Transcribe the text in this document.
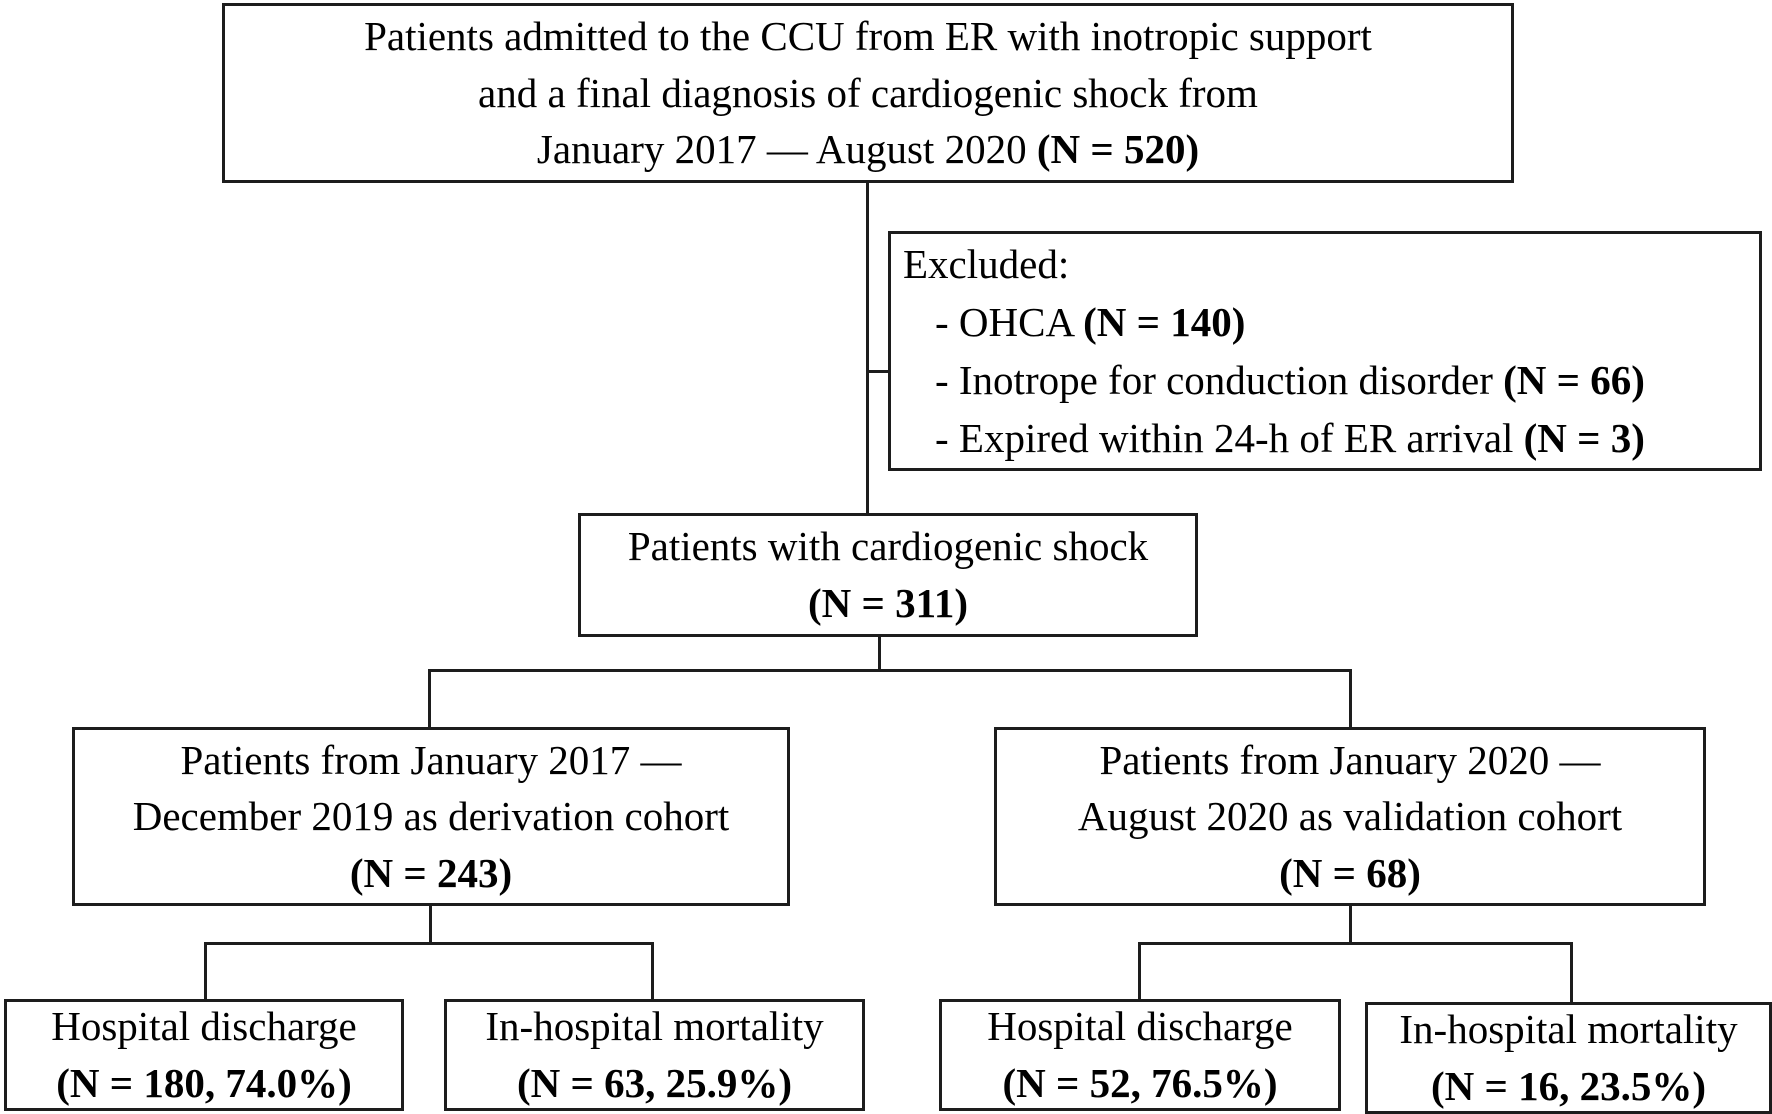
Patients admitted to the CCU from ER with inotropic support
and a final diagnosis of cardiogenic shock from
January 2017 — August 2020 (N = 520)
Excluded:
- OHCA (N = 140)
- Inotrope for conduction disorder (N = 66)
- Expired within 24-h of ER arrival (N = 3)
Patients with cardiogenic shock
(N = 311)
Patients from January 2017 —
December 2019 as derivation cohort
(N = 243)
Patients from January 2020 —
August 2020 as validation cohort
(N = 68)
Hospital discharge
(N = 180, 74.0%)
In-hospital mortality
(N = 63, 25.9%)
Hospital discharge
(N = 52, 76.5%)
In-hospital mortality
(N = 16, 23.5%)
